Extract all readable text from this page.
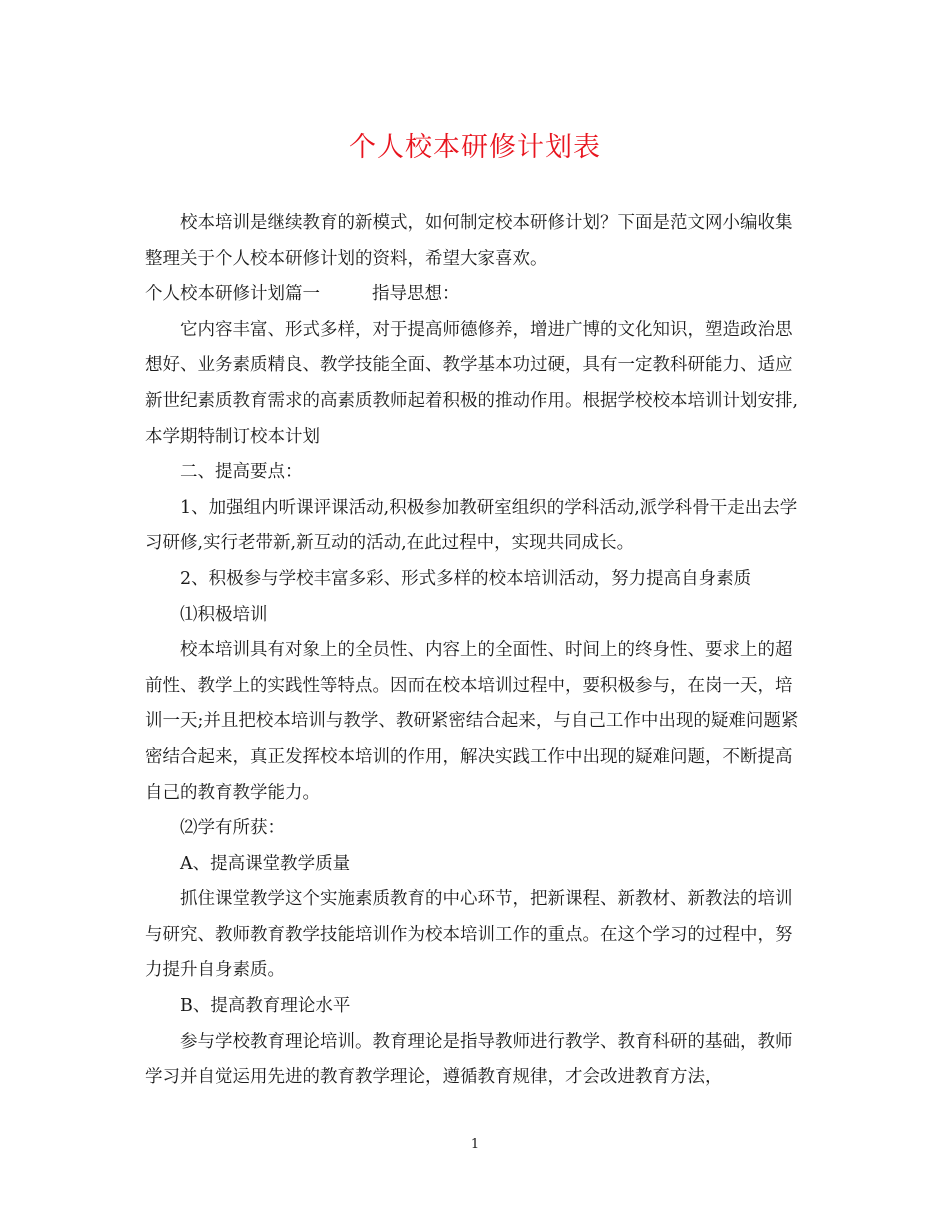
个人校本研修计划表

校本培训是继续教育的新模式，如何制定校本研修计划？下面是范文网小编收集整理关于个人校本研修计划的资料，希望大家喜欢。

个人校本研修计划篇一	指导思想：

它内容丰富、形式多样，对于提高师德修养，增进广博的文化知识，塑造政治思想好、业务素质精良、教学技能全面、教学基本功过硬，具有一定教科研能力、适应新世纪素质教育需求的高素质教师起着积极的推动作用。根据学校校本培训计划安排,本学期特制订校本计划

二、提高要点：

1、加强组内听课评课活动,积极参加教研室组织的学科活动,派学科骨干走出去学习研修,实行老带新,新互动的活动,在此过程中，实现共同成长。

2、积极参与学校丰富多彩、形式多样的校本培训活动，努力提高自身素质

⑴积极培训

校本培训具有对象上的全员性、内容上的全面性、时间上的终身性、要求上的超前性、教学上的实践性等特点。因而在校本培训过程中，要积极参与，在岗一天，培训一天;并且把校本培训与教学、教研紧密结合起来，与自己工作中出现的疑难问题紧密结合起来，真正发挥校本培训的作用，解决实践工作中出现的疑难问题，不断提高自己的教育教学能力。

⑵学有所获：

A、提高课堂教学质量

抓住课堂教学这个实施素质教育的中心环节，把新课程、新教材、新教法的培训与研究、教师教育教学技能培训作为校本培训工作的重点。在这个学习的过程中，努力提升自身素质。

B、提高教育理论水平

参与学校教育理论培训。教育理论是指导教师进行教学、教育科研的基础，教师学习并自觉运用先进的教育教学理论，遵循教育规律，才会改进教育方法，

1
